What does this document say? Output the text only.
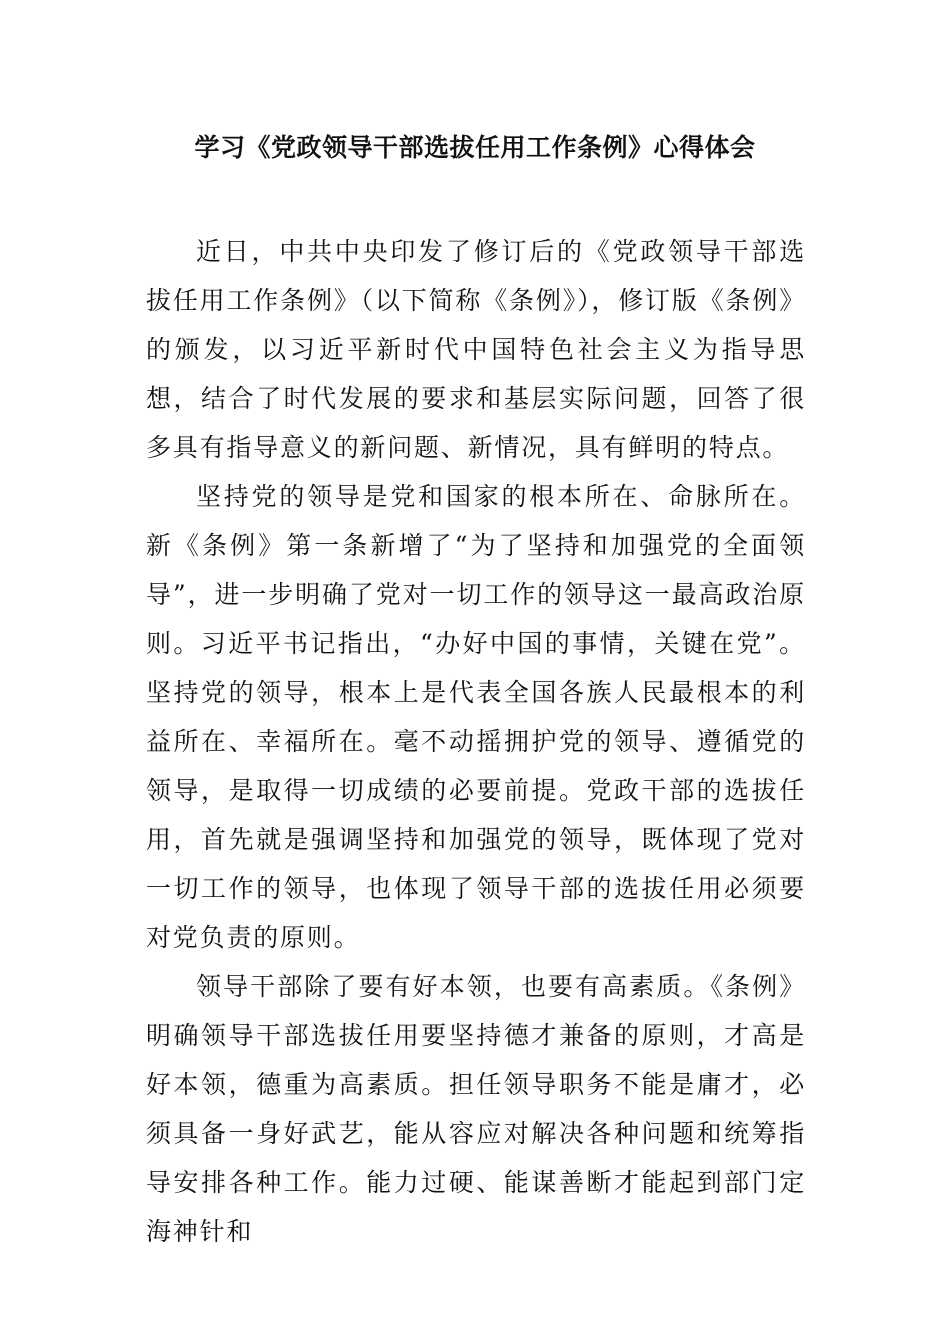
学习《党政领导干部选拔任用工作条例》心得体会

近日，中共中央印发了修订后的《党政领导干部选拔任用工作条例》（以下简称《条例》），修订版《条例》的颁发，以习近平新时代中国特色社会主义为指导思想，结合了时代发展的要求和基层实际问题，回答了很多具有指导意义的新问题、新情况，具有鲜明的特点。

坚持党的领导是党和国家的根本所在、命脉所在。新《条例》第一条新增了“为了坚持和加强党的全面领导”，进一步明确了党对一切工作的领导这一最高政治原则。习近平书记指出，“办好中国的事情，关键在党”。坚持党的领导，根本上是代表全国各族人民最根本的利益所在、幸福所在。毫不动摇拥护党的领导、遵循党的领导，是取得一切成绩的必要前提。党政干部的选拔任用，首先就是强调坚持和加强党的领导，既体现了党对一切工作的领导，也体现了领导干部的选拔任用必须要对党负责的原则。

领导干部除了要有好本领，也要有高素质。《条例》明确领导干部选拔任用要坚持德才兼备的原则，才高是好本领，德重为高素质。担任领导职务不能是庸才，必须具备一身好武艺，能从容应对解决各种问题和统筹指导安排各种工作。能力过硬、能谋善断才能起到部门定海神针和
